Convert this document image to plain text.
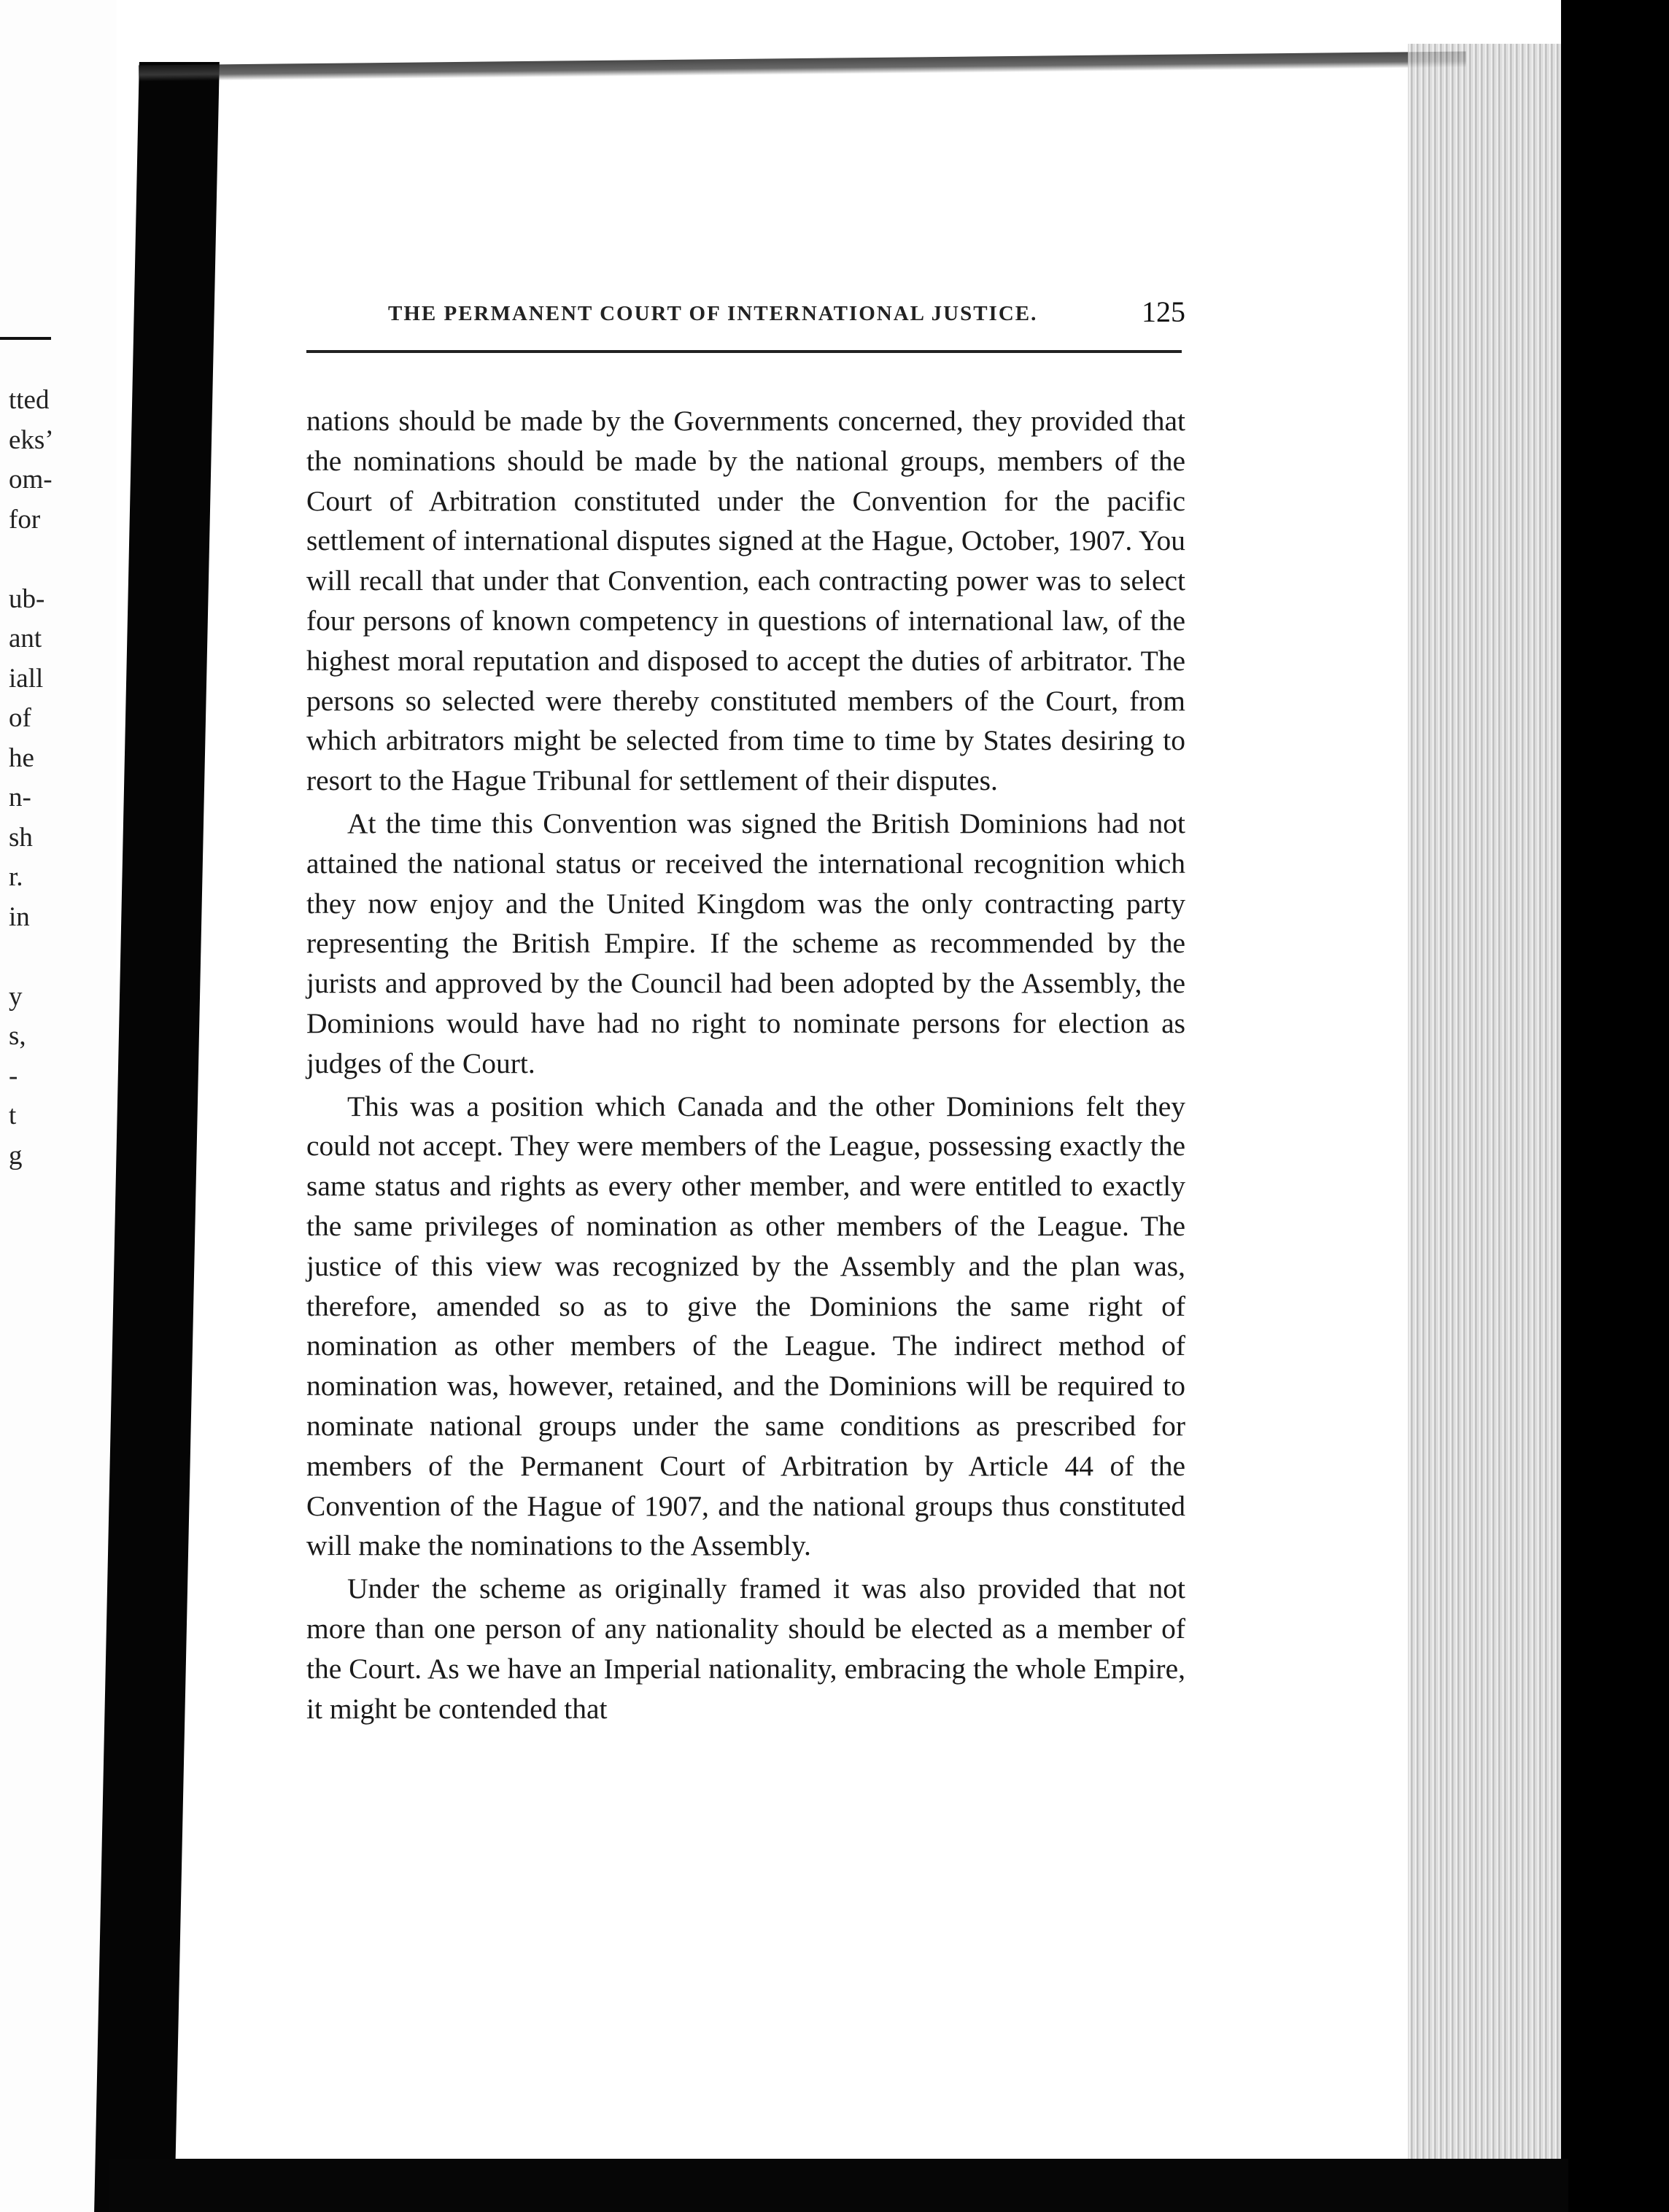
tted
eks’
om-
for
ub-
ant
iall
of
he
n-
sh
r.
in
y
s,
-
t
g
THE PERMANENT COURT OF INTERNATIONAL JUSTICE.	125

nations should be made by the Governments concerned, they provided that the nominations should be made by the national groups, members of the Court of Arbitration constituted under the Convention for the pacific settlement of international disputes signed at the Hague, October, 1907. You will recall that under that Convention, each contracting power was to select four persons of known competency in questions of international law, of the highest moral reputation and disposed to accept the duties of arbitrator. The persons so selected were thereby constituted members of the Court, from which arbitrators might be selected from time to time by States desiring to resort to the Hague Tribunal for settlement of their disputes.

At the time this Convention was signed the British Dominions had not attained the national status or received the international recognition which they now enjoy and the United Kingdom was the only contracting party representing the British Empire. If the scheme as recommended by the jurists and approved by the Council had been adopted by the Assembly, the Dominions would have had no right to nominate persons for election as judges of the Court.

This was a position which Canada and the other Dominions felt they could not accept. They were members of the League, possessing exactly the same status and rights as every other member, and were entitled to exactly the same privileges of nomination as other members of the League. The justice of this view was recognized by the Assembly and the plan was, therefore, amended so as to give the Dominions the same right of nomination as other members of the League. The indirect method of nomination was, however, retained, and the Dominions will be required to nominate national groups under the same conditions as prescribed for members of the Permanent Court of Arbitration by Article 44 of the Convention of the Hague of 1907, and the national groups thus constituted will make the nominations to the Assembly.

Under the scheme as originally framed it was also provided that not more than one person of any nationality should be elected as a member of the Court. As we have an Imperial nationality, embracing the whole Empire, it might be contended that
